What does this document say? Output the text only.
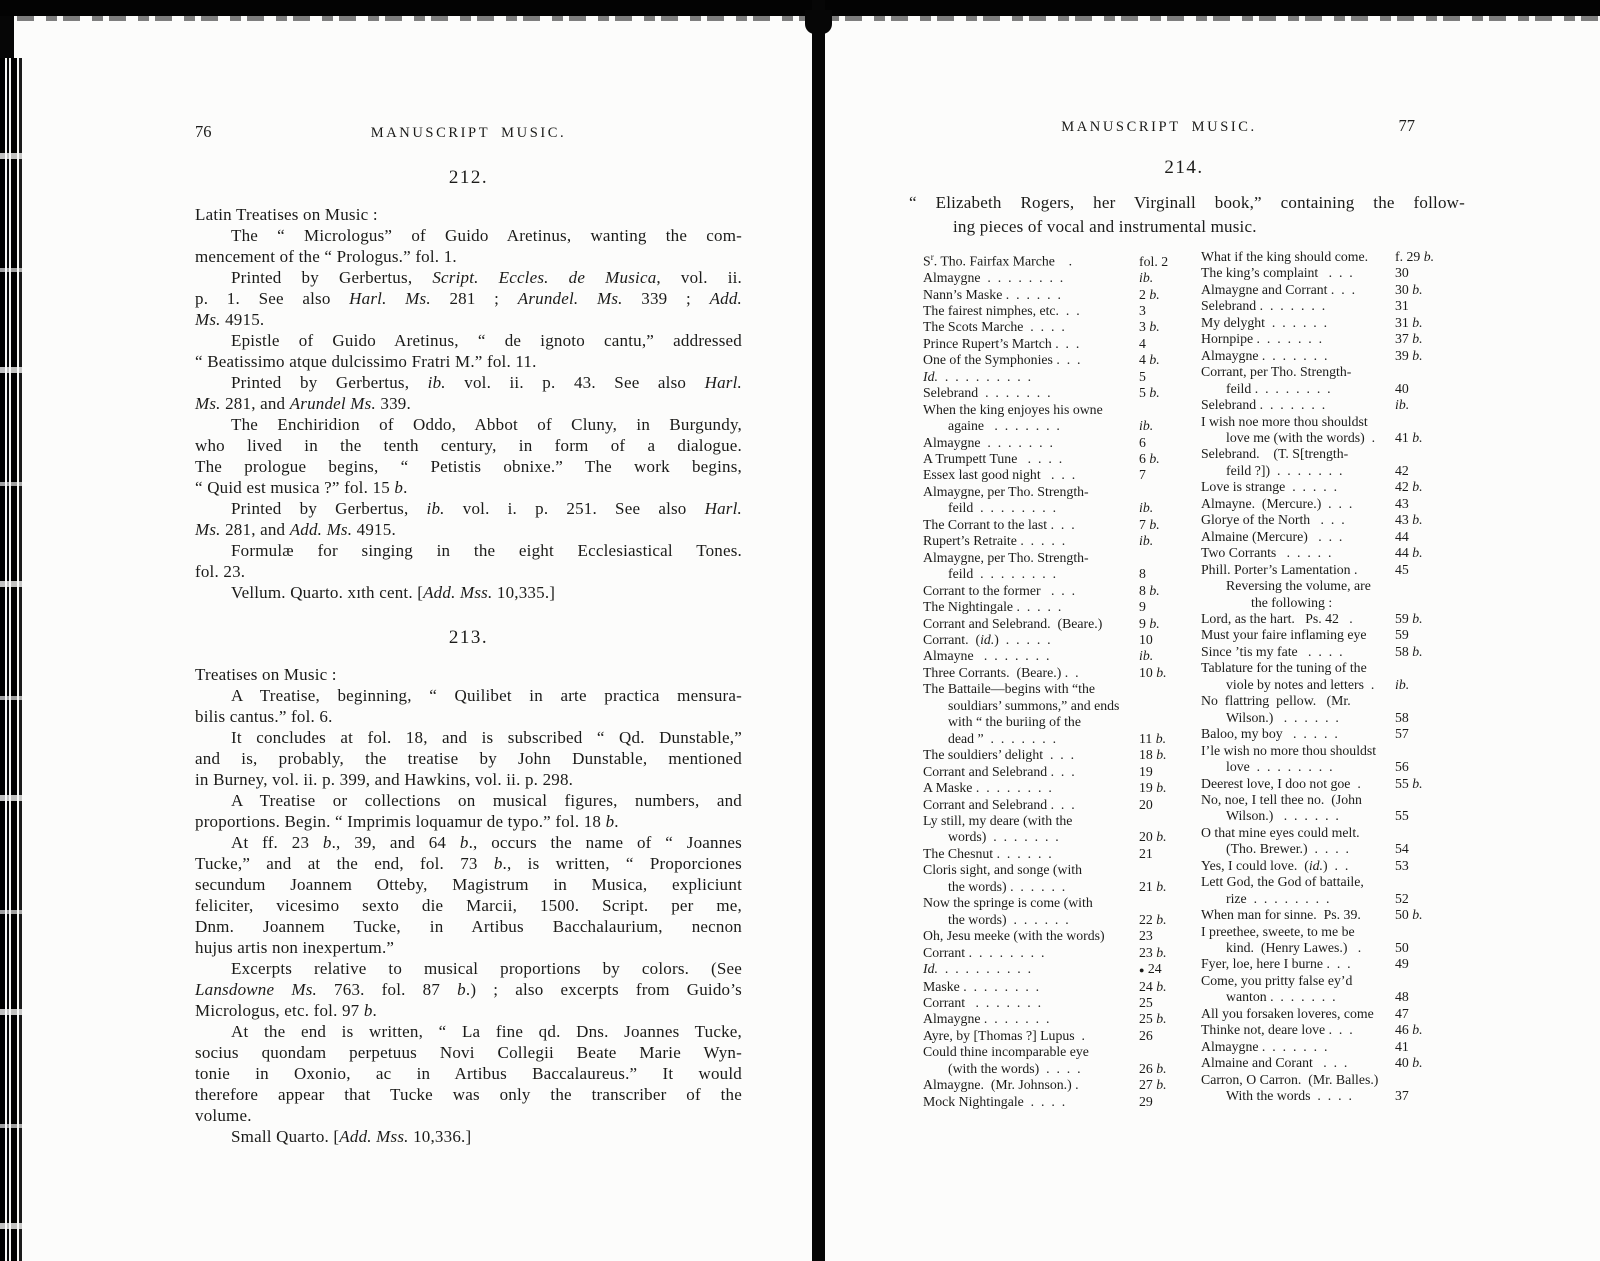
76	MANUSCRIPT MUSIC.
212.
Latin Treatises on Music :
The “ Micrologus” of Guido Aretinus, wanting the com-
mencement of the “ Prologus.” fol. 1.
Printed by Gerbertus, Script. Eccles. de Musica, vol. ii.
p. 1. See also Harl. Ms. 281 ; Arundel. Ms. 339 ; Add.
Ms. 4915.
Epistle of Guido Aretinus, “ de ignoto cantu,” addressed
“ Beatissimo atque dulcissimo Fratri M.” fol. 11.
Printed by Gerbertus, ib. vol. ii. p. 43. See also Harl.
Ms. 281, and Arundel Ms. 339.
The Enchiridion of Oddo, Abbot of Cluny, in Burgundy,
who lived in the tenth century, in form of a dialogue.
The prologue begins, “ Petistis obnixe.” The work begins,
“ Quid est musica ?” fol. 15 b.
Printed by Gerbertus, ib. vol. i. p. 251. See also Harl.
Ms. 281, and Add. Ms. 4915.
Formulæ for singing in the eight Ecclesiastical Tones.
fol. 23.
Vellum. Quarto. xɪth cent. [Add. Mss. 10,335.]
213.
Treatises on Music :
A Treatise, beginning, “ Quilibet in arte practica mensura-
bilis cantus.” fol. 6.
It concludes at fol. 18, and is subscribed “ Qd. Dunstable,”
and is, probably, the treatise by John Dunstable, mentioned
in Burney, vol. ii. p. 399, and Hawkins, vol. ii. p. 298.
A Treatise or collections on musical figures, numbers, and
proportions. Begin. “ Imprimis loquamur de typo.” fol. 18 b.
At ff. 23 b., 39, and 64 b., occurs the name of “ Joannes
Tucke,” and at the end, fol. 73 b., is written, “ Proporciones
secundum Joannem Otteby, Magistrum in Musica, expliciunt
feliciter, vicesimo sexto die Marcii, 1500. Script. per me,
Dnm. Joannem Tucke, in Artibus Bacchalaurium, necnon
hujus artis non inexpertum.”
Excerpts relative to musical proportions by colors. (See
Lansdowne Ms. 763. fol. 87 b.) ; also excerpts from Guido’s
Micrologus, etc. fol. 97 b.
At the end is written, “ La fine qd. Dns. Joannes Tucke,
socius quondam perpetuus Novi Collegii Beate Marie Wyn-
tonie in Oxonio, ac in Artibus Baccalaureus.” It would
therefore appear that Tucke was only the transcriber of the
volume.
Small Quarto. [Add. Mss. 10,336.]
MANUSCRIPT MUSIC.	77
214.
“ Elizabeth Rogers, her Virginall book,” containing the follow-
ing pieces of vocal and instrumental music.
$S^r$. Tho. Fairfax Marche    .	fol. 2
Almaygne  .  .  .  .  .  .  .  .	ib.
Nann’s Maske .  .  .  .  .  .	2 b.
The fairest nimphes, etc.  .  .	3
The Scots Marche  .  .  .  .	3 b.
Prince Rupert’s Martch .  .  .	4
One of the Symphonies .  .  .	4 b.
Id.  .  .  .  .  .  .  .  .  .	5
Selebrand  .  .  .  .  .  .  .	5 b.
When the king enjoyes his owne
againe   .  .  .  .  .  .  .	ib.
Almaygne  .  .  .  .  .  .  .	6
A Trumpett Tune   .  .  .  .	6 b.
Essex last good night   .  .  .	7
Almaygne, per Tho. Strength-
feild  .  .  .  .  .  .  .  .	ib.
The Corrant to the last .  .  .	7 b.
Rupert’s Retraite .  .  .  .  .	ib.
Almaygne, per Tho. Strength-
feild  .  .  .  .  .  .  .  .	8
Corrant to the former   .  .  .	8 b.
The Nightingale .  .  .  .  .	9
Corrant and Selebrand.  (Beare.)	9 b.
Corrant.  (id.)  .  .  .  .  .	10
Almayne   .  .  .  .  .  .  .	ib.
Three Corrants.  (Beare.) .  .	10 b.
The Battaile—begins with “the
souldiars’ summons,” and ends
with “ the buriing of the
dead ”  .  .  .  .  .  .  .	11 b.
The souldiers’ delight  .  .  .	18 b.
Corrant and Selebrand .  .  .	19
A Maske .  .  .  .  .  .  .  .	19 b.
Corrant and Selebrand .  .  .	20
Ly still, my deare (with the
words)  .  .  .  .  .  .  .	20 b.
The Chesnut .  .  .  .  .  .	21
Cloris sight, and songe (with
the words) .  .  .  .  .  .	21 b.
Now the springe is come (with
the words)  .  .  .  .  .  .	22 b.
Oh, Jesu meeke (with the words) 23
Corrant .  .  .  .  .  .  .  .	23 b.
Id.  .  .  .  .  .  .  .  .  .	● 24
Maske .  .  .  .  .  .  .  .	24 b.
Corrant   .  .  .  .  .  .  .	25
Almaygne .  .  .  .  .  .  .	25 b.
Ayre, by [Thomas ?] Lupus  .	26
Could thine incomparable eye
(with the words)  .  .  .  .	26 b.
Almaygne.  (Mr. Johnson.) .	27 b.
Mock Nightingale  .  .  .  .	29
What if the king should come. f. 29 b.
The king’s complaint   .  .  .	30
Almaygne and Corrant .  .  .	30 b.
Selebrand .  .  .  .  .  .  .	31
My delyght  .  .  .  .  .  .	31 b.
Hornpipe .  .  .  .  .  .  .	37 b.
Almaygne .  .  .  .  .  .  .	39 b.
Corrant, per Tho. Strength-
feild .  .  .  .  .  .  .  .	40
Selebrand .  .  .  .  .  .  .	ib.
I wish noe more thou shouldst
love me (with the words)  . 41 b.
Selebrand.    (T. S[trength-
feild ?])  .  .  .  .  .  .  .	42
Love is strange  .  .  .  .  .	42 b.
Almayne.  (Mercure.)  .  .  .	43
Glorye of the North   .  .  .	43 b.
Almaine (Mercure)   .  .  .	44
Two Corrants   .  .  .  .  .	44 b.
Phill. Porter’s Lamentation .	45
Reversing the volume, are
the following :
Lord, as the hart.   Ps. 42   .	59 b.
Must your faire inflaming eye 59
Since ’tis my fate   .  .  .  .	58 b.
Tablature for the tuning of the
viole by notes and letters  . ib.
No  flattring  pellow.   (Mr.
Wilson.)   .  .  .  .  .  .	58
Baloo, my boy   .  .  .  .  .	57
I’le wish no more thou shouldst
love  .  .  .  .  .  .  .  .	56
Deerest love, I doo not goe  . 55 b.
No, noe, I tell thee no.  (John
Wilson.)   .  .  .  .  .  .	55
O that mine eyes could melt.
(Tho. Brewer.)  .  .  .  .	54
Yes, I could love.  (id.)  .  .	53
Lett God, the God of battaile,
rize  .  .  .  .  .  .  .  .	52
When man for sinne.  Ps. 39. 50 b.
I preethee, sweete, to me be
kind.  (Henry Lawes.)   . 50
Fyer, loe, here I burne .  .  .	49
Come, you pritty false ey’d
wanton .  .  .  .  .  .  .	48
All you forsaken loveres, come 47
Thinke not, deare love .  .  .	46 b.
Almaygne .  .  .  .  .  .  .	41
Almaine and Corant   .  .  .	40 b.
Carron, O Carron.  (Mr. Balles.)
With the words  .  .  .  .	37
